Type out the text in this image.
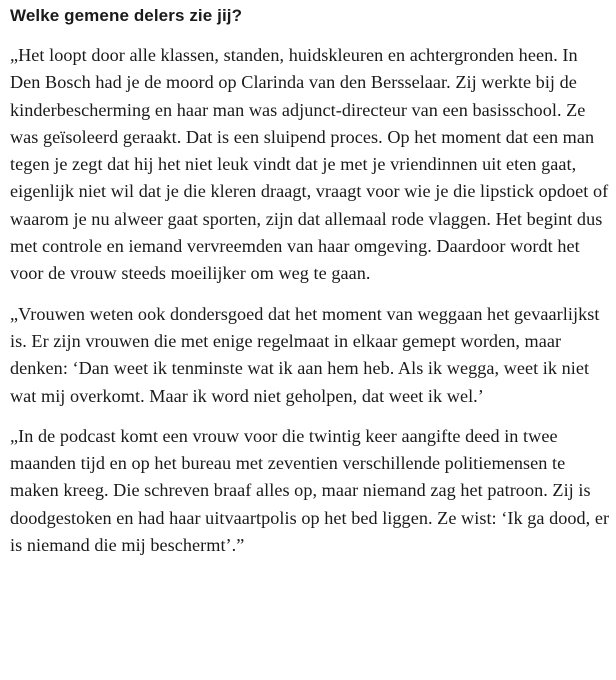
Welke gemene delers zie jij?

„Het loopt door alle klassen, standen, huidskleuren en achtergronden heen. In Den Bosch had je de moord op Clarinda van den Bersselaar. Zij werkte bij de kinderbescherming en haar man was adjunct-directeur van een basisschool. Ze was geïsoleerd geraakt. Dat is een sluipend proces. Op het moment dat een man tegen je zegt dat hij het niet leuk vindt dat je met je vriendinnen uit eten gaat, eigenlijk niet wil dat je die kleren draagt, vraagt voor wie je die lipstick opdoet of waarom je nu alweer gaat sporten, zijn dat allemaal rode vlaggen. Het begint dus met controle en iemand vervreemden van haar omgeving. Daardoor wordt het voor de vrouw steeds moeilijker om weg te gaan.

„Vrouwen weten ook dondersgoed dat het moment van weggaan het gevaarlijkst is. Er zijn vrouwen die met enige regelmaat in elkaar gemept worden, maar denken: ‘Dan weet ik tenminste wat ik aan hem heb. Als ik wegga, weet ik niet wat mij overkomt. Maar ik word niet geholpen, dat weet ik wel.’

„In de podcast komt een vrouw voor die twintig keer aangifte deed in twee maanden tijd en op het bureau met zeventien verschillende politiemensen te maken kreeg. Die schreven braaf alles op, maar niemand zag het patroon. Zij is doodgestoken en had haar uitvaartpolis op het bed liggen. Ze wist: ‘Ik ga dood, er is niemand die mij beschermt’.”
